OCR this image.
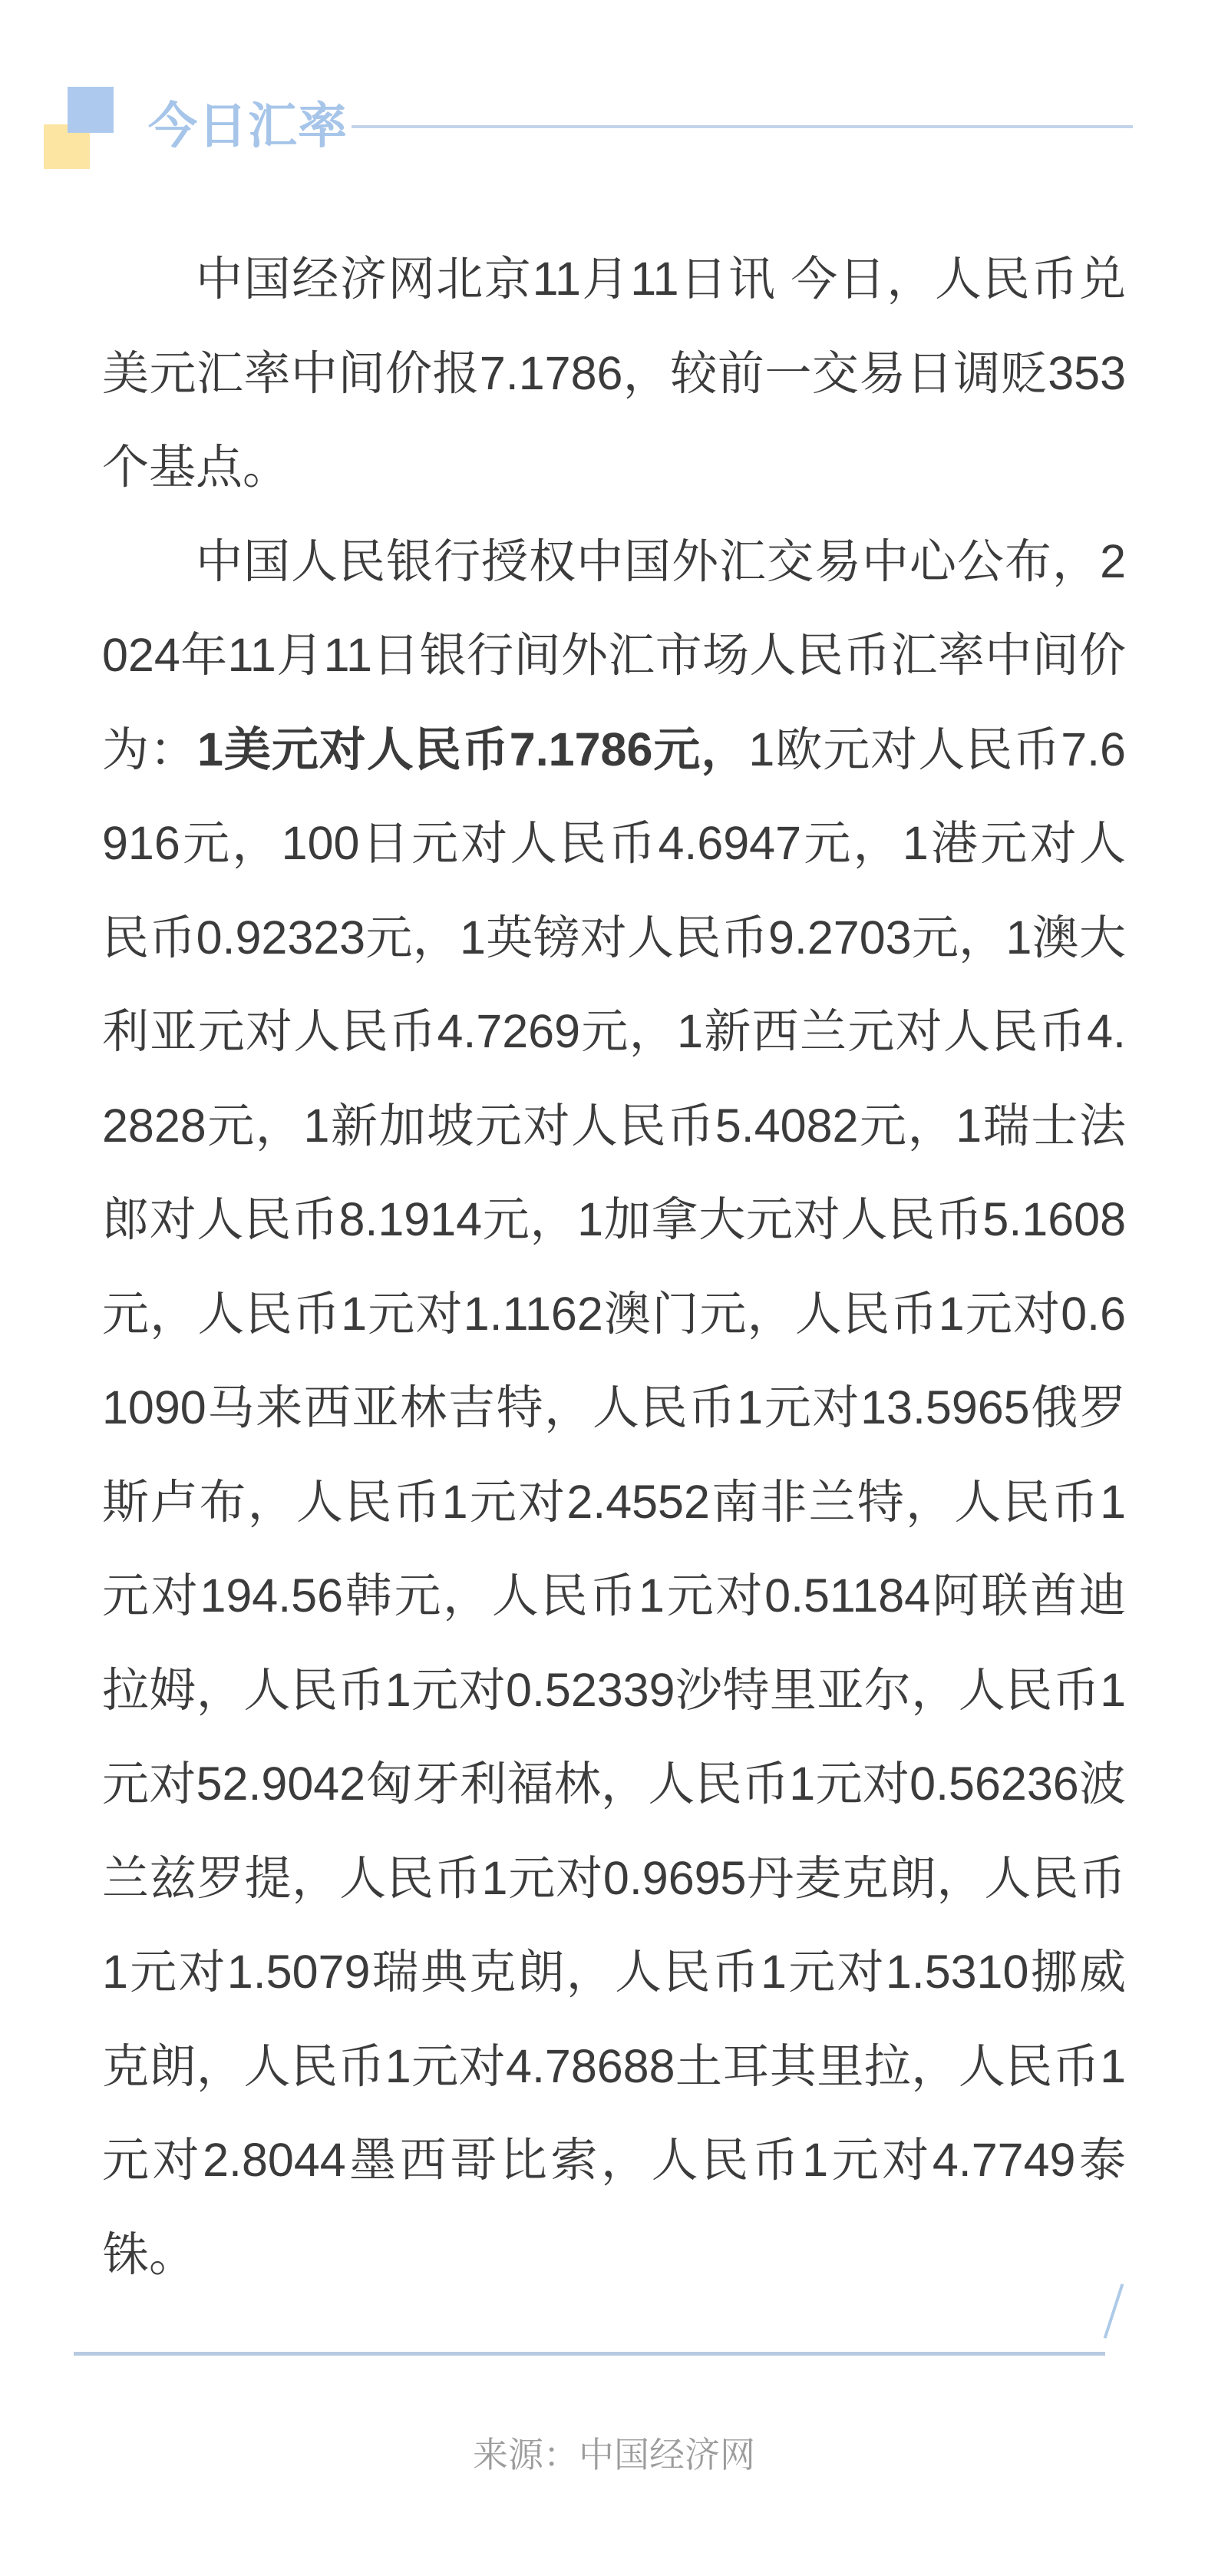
今日汇率

中国经济网北京11月11日讯 今日，人民币兑美元汇率中间价报7.1786，较前一交易日调贬353个基点。

中国人民银行授权中国外汇交易中心公布，2024年11月11日银行间外汇市场人民币汇率中间价为：1美元对人民币7.1786元，1欧元对人民币7.6916元，100日元对人民币4.6947元，1港元对人民币0.92323元，1英镑对人民币9.2703元，1澳大利亚元对人民币4.7269元，1新西兰元对人民币4.2828元，1新加坡元对人民币5.4082元，1瑞士法郎对人民币8.1914元，1加拿大元对人民币5.1608元，人民币1元对1.1162澳门元，人民币1元对0.61090马来西亚林吉特，人民币1元对13.5965俄罗斯卢布，人民币1元对2.4552南非兰特，人民币1元对194.56韩元，人民币1元对0.51184阿联酋迪拉姆，人民币1元对0.52339沙特里亚尔，人民币1元对52.9042匈牙利福林，人民币1元对0.56236波兰兹罗提，人民币1元对0.9695丹麦克朗，人民币1元对1.5079瑞典克朗，人民币1元对1.5310挪威克朗，人民币1元对4.78688土耳其里拉，人民币1元对2.8044墨西哥比索，人民币1元对4.7749泰铢。

来源：中国经济网
